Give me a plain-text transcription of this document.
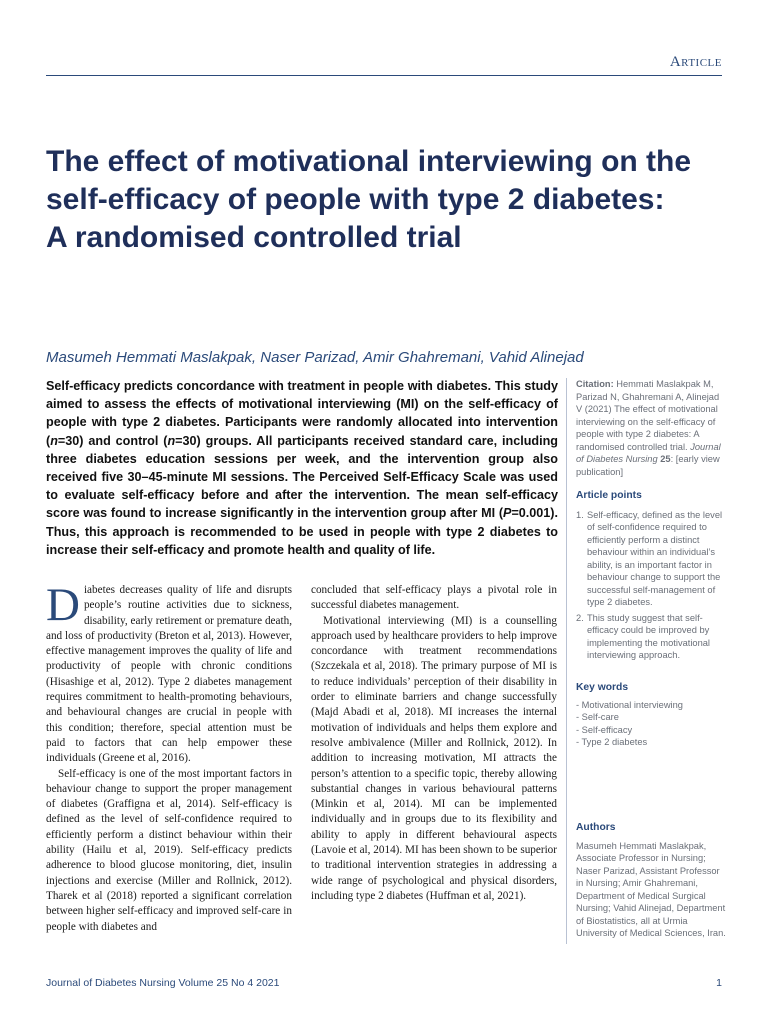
Article
The effect of motivational interviewing on the
self-efficacy of people with type 2 diabetes:
A randomised controlled trial
Masumeh Hemmati Maslakpak, Naser Parizad, Amir Ghahremani, Vahid Alinejad
Self-efficacy predicts concordance with treatment in people with diabetes. This study aimed to assess the effects of motivational interviewing (MI) on the self-efficacy of people with type 2 diabetes. Participants were randomly allocated into intervention (n=30) and control (n=30) groups. All participants received standard care, including three diabetes education sessions per week, and the intervention group also received five 30–45-minute MI sessions. The Perceived Self-Efficacy Scale was used to evaluate self-efficacy before and after the intervention. The mean self-efficacy score was found to increase significantly in the intervention group after MI (P=0.001). Thus, this approach is recommended to be used in people with type 2 diabetes to increase their self-efficacy and promote health and quality of life.

Diabetes decreases quality of life and disrupts people’s routine activities due to sickness, disability, early retirement or premature death, and loss of productivity (Breton et al, 2013). However, effective management improves the quality of life and productivity of people with chronic conditions (Hisashige et al, 2012). Type 2 diabetes management requires commitment to health-promoting behaviours, and behavioural changes are crucial in people with this condition; therefore, special attention must be paid to factors that can help empower these individuals (Greene et al, 2016).

Self-efficacy is one of the most important factors in behaviour change to support the proper management of diabetes (Graffigna et al, 2014). Self-efficacy is defined as the level of self-confidence required to efficiently perform a distinct behaviour within their ability (Hailu et al, 2019). Self-efficacy predicts adherence to blood glucose monitoring, diet, insulin injections and exercise (Miller and Rollnick, 2012). Tharek et al (2018) reported a significant correlation between higher self-efficacy and improved self-care in people with diabetes and

concluded that self-efficacy plays a pivotal role in successful diabetes management.

Motivational interviewing (MI) is a counselling approach used by healthcare providers to help improve concordance with treatment recommendations (Szczekala et al, 2018). The primary purpose of MI is to reduce individuals’ perception of their disability in order to eliminate barriers and change successfully (Majd Abadi et al, 2018). MI increases the internal motivation of individuals and helps them explore and resolve ambivalence (Miller and Rollnick, 2012). In addition to increasing motivation, MI attracts the person’s attention to a specific topic, thereby allowing substantial changes in various behavioural patterns (Minkin et al, 2014). MI can be implemented individually and in groups due to its flexibility and ability to apply in different behavioural aspects (Lavoie et al, 2014). MI has been shown to be superior to traditional intervention strategies in addressing a wide range of psychological and physical disorders, including type 2 diabetes (Huffman et al, 2021).

Citation: Hemmati Maslakpak M, Parizad N, Ghahremani A, Alinejad V (2021) The effect of motivational interviewing on the self-efficacy of people with type 2 diabetes: A randomised controlled trial. Journal of Diabetes Nursing 25: [early view publication]
Article points
1. Self-efficacy, defined as the level of self-confidence required to efficiently perform a distinct behaviour within an individual’s ability, is an important factor in behaviour change to support the successful self-management of type 2 diabetes.
2. This study suggest that self-efficacy could be improved by implementing the motivational interviewing approach.
Key words
- Motivational interviewing
- Self-care
- Self-efficacy
- Type 2 diabetes
Authors
Masumeh Hemmati Maslakpak, Associate Professor in Nursing; Naser Parizad, Assistant Professor in Nursing; Amir Ghahremani, Department of Medical Surgical Nursing; Vahid Alinejad, Department of Biostatistics, all at Urmia University of Medical Sciences, Iran.
Journal of Diabetes Nursing Volume 25 No 4 2021	1
